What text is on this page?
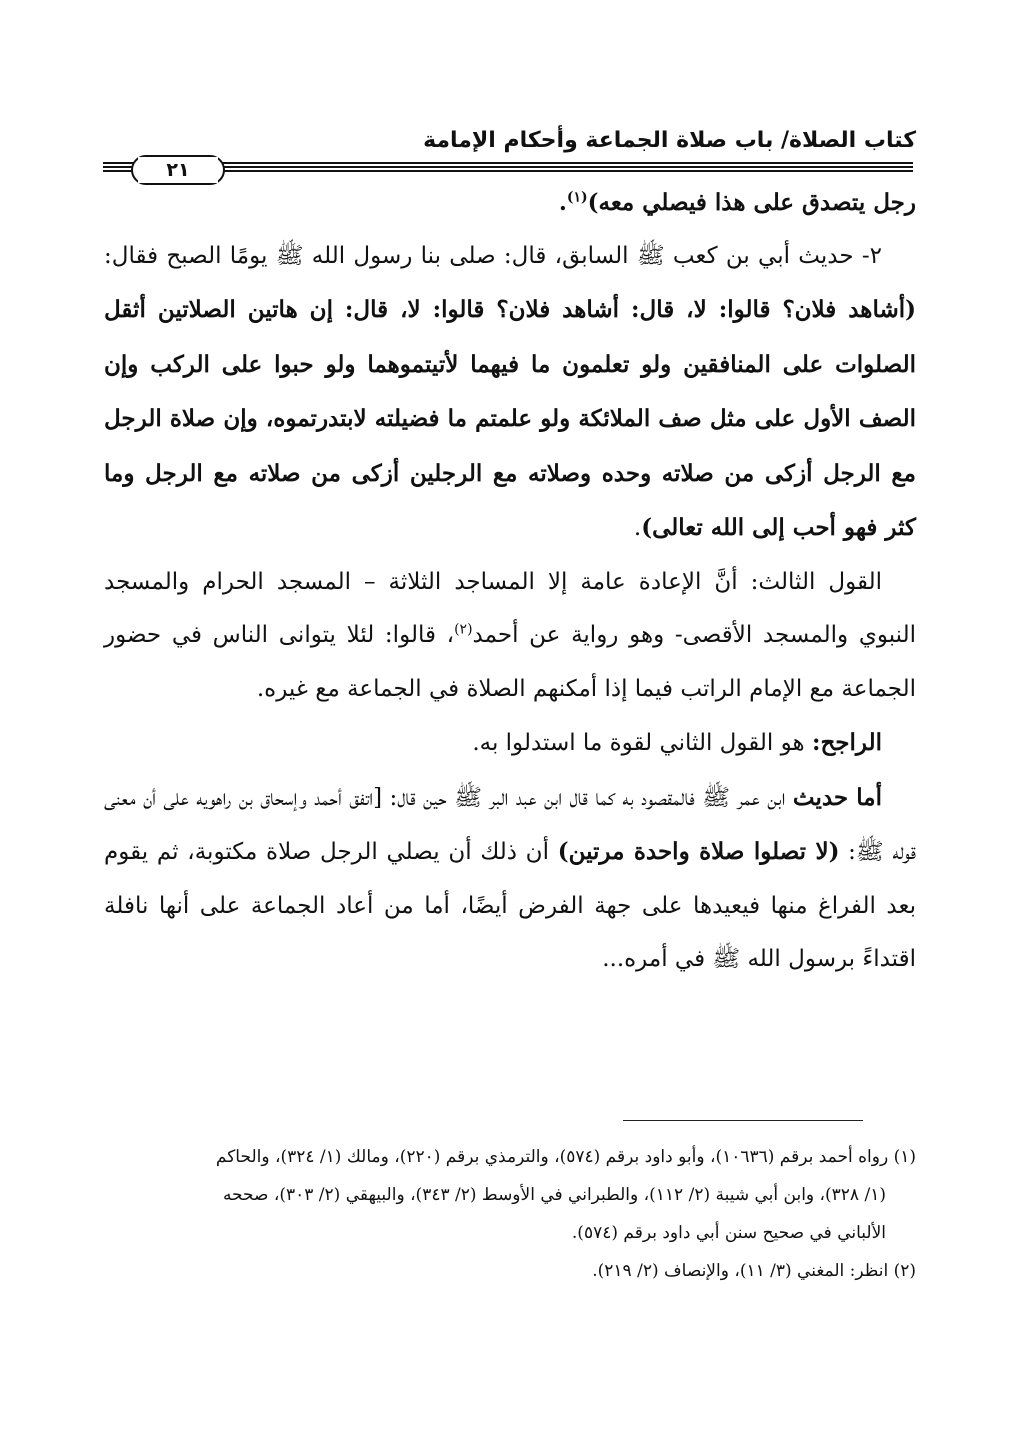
كتاب الصلاة/ باب صلاة الجماعة وأحكام الإمامة
٢١

رجل يتصدق على هذا فيصلي معه)$^{(١)}$.

٢- حديث أبي بن كعب ﷺ السابق، قال: صلى بنا رسول الله ﷺ يومًا الصبح فقال: (أشاهد فلان؟ قالوا: لا، قال: أشاهد فلان؟ قالوا: لا، قال: إن هاتين الصلاتين أثقل الصلوات على المنافقين ولو تعلمون ما فيهما لأتيتموهما ولو حبوا على الركب وإن الصف الأول على مثل صف الملائكة ولو علمتم ما فضيلته لابتدرتموه، وإن صلاة الرجل مع الرجل أزكى من صلاته وحده وصلاته مع الرجلين أزكى من صلاته مع الرجل وما كثر فهو أحب إلى الله تعالى).

القول الثالث: أنَّ الإعادة عامة إلا المساجد الثلاثة – المسجد الحرام والمسجد النبوي والمسجد الأقصى- وهو رواية عن أحمد$^{(٢)}$، قالوا: لئلا يتوانى الناس في حضور الجماعة مع الإمام الراتب فيما إذا أمكنهم الصلاة في الجماعة مع غيره.

الراجح: هو القول الثاني لقوة ما استدلوا به.

أما حديث ابن عمر ﷺ فالمقصود به كما قال ابن عبد البر ﷺ حين قال: [اتفق أحمد وإسحاق بن راهويه على أن معنى قوله ﷺ: (لا تصلوا صلاة واحدة مرتين) أن ذلك أن يصلي الرجل صلاة مكتوبة، ثم يقوم بعد الفراغ منها فيعيدها على جهة الفرض أيضًا، أما من أعاد الجماعة على أنها نافلة اقتداءً برسول الله ﷺ في أمره...

(١) رواه أحمد برقم (١٠٦٣٦)، وأبو داود برقم (٥٧٤)، والترمذي برقم (٢٢٠)، ومالك (١/ ٣٢٤)، والحاكم

(١/ ٣٢٨)، وابن أبي شيبة (٢/ ١١٢)، والطبراني في الأوسط (٢/ ٣٤٣)، والبيهقي (٢/ ٣٠٣)، صححه

الألباني في صحيح سنن أبي داود برقم (٥٧٤).

(٢) انظر: المغني (٣/ ١١)، والإنصاف (٢/ ٢١٩).
